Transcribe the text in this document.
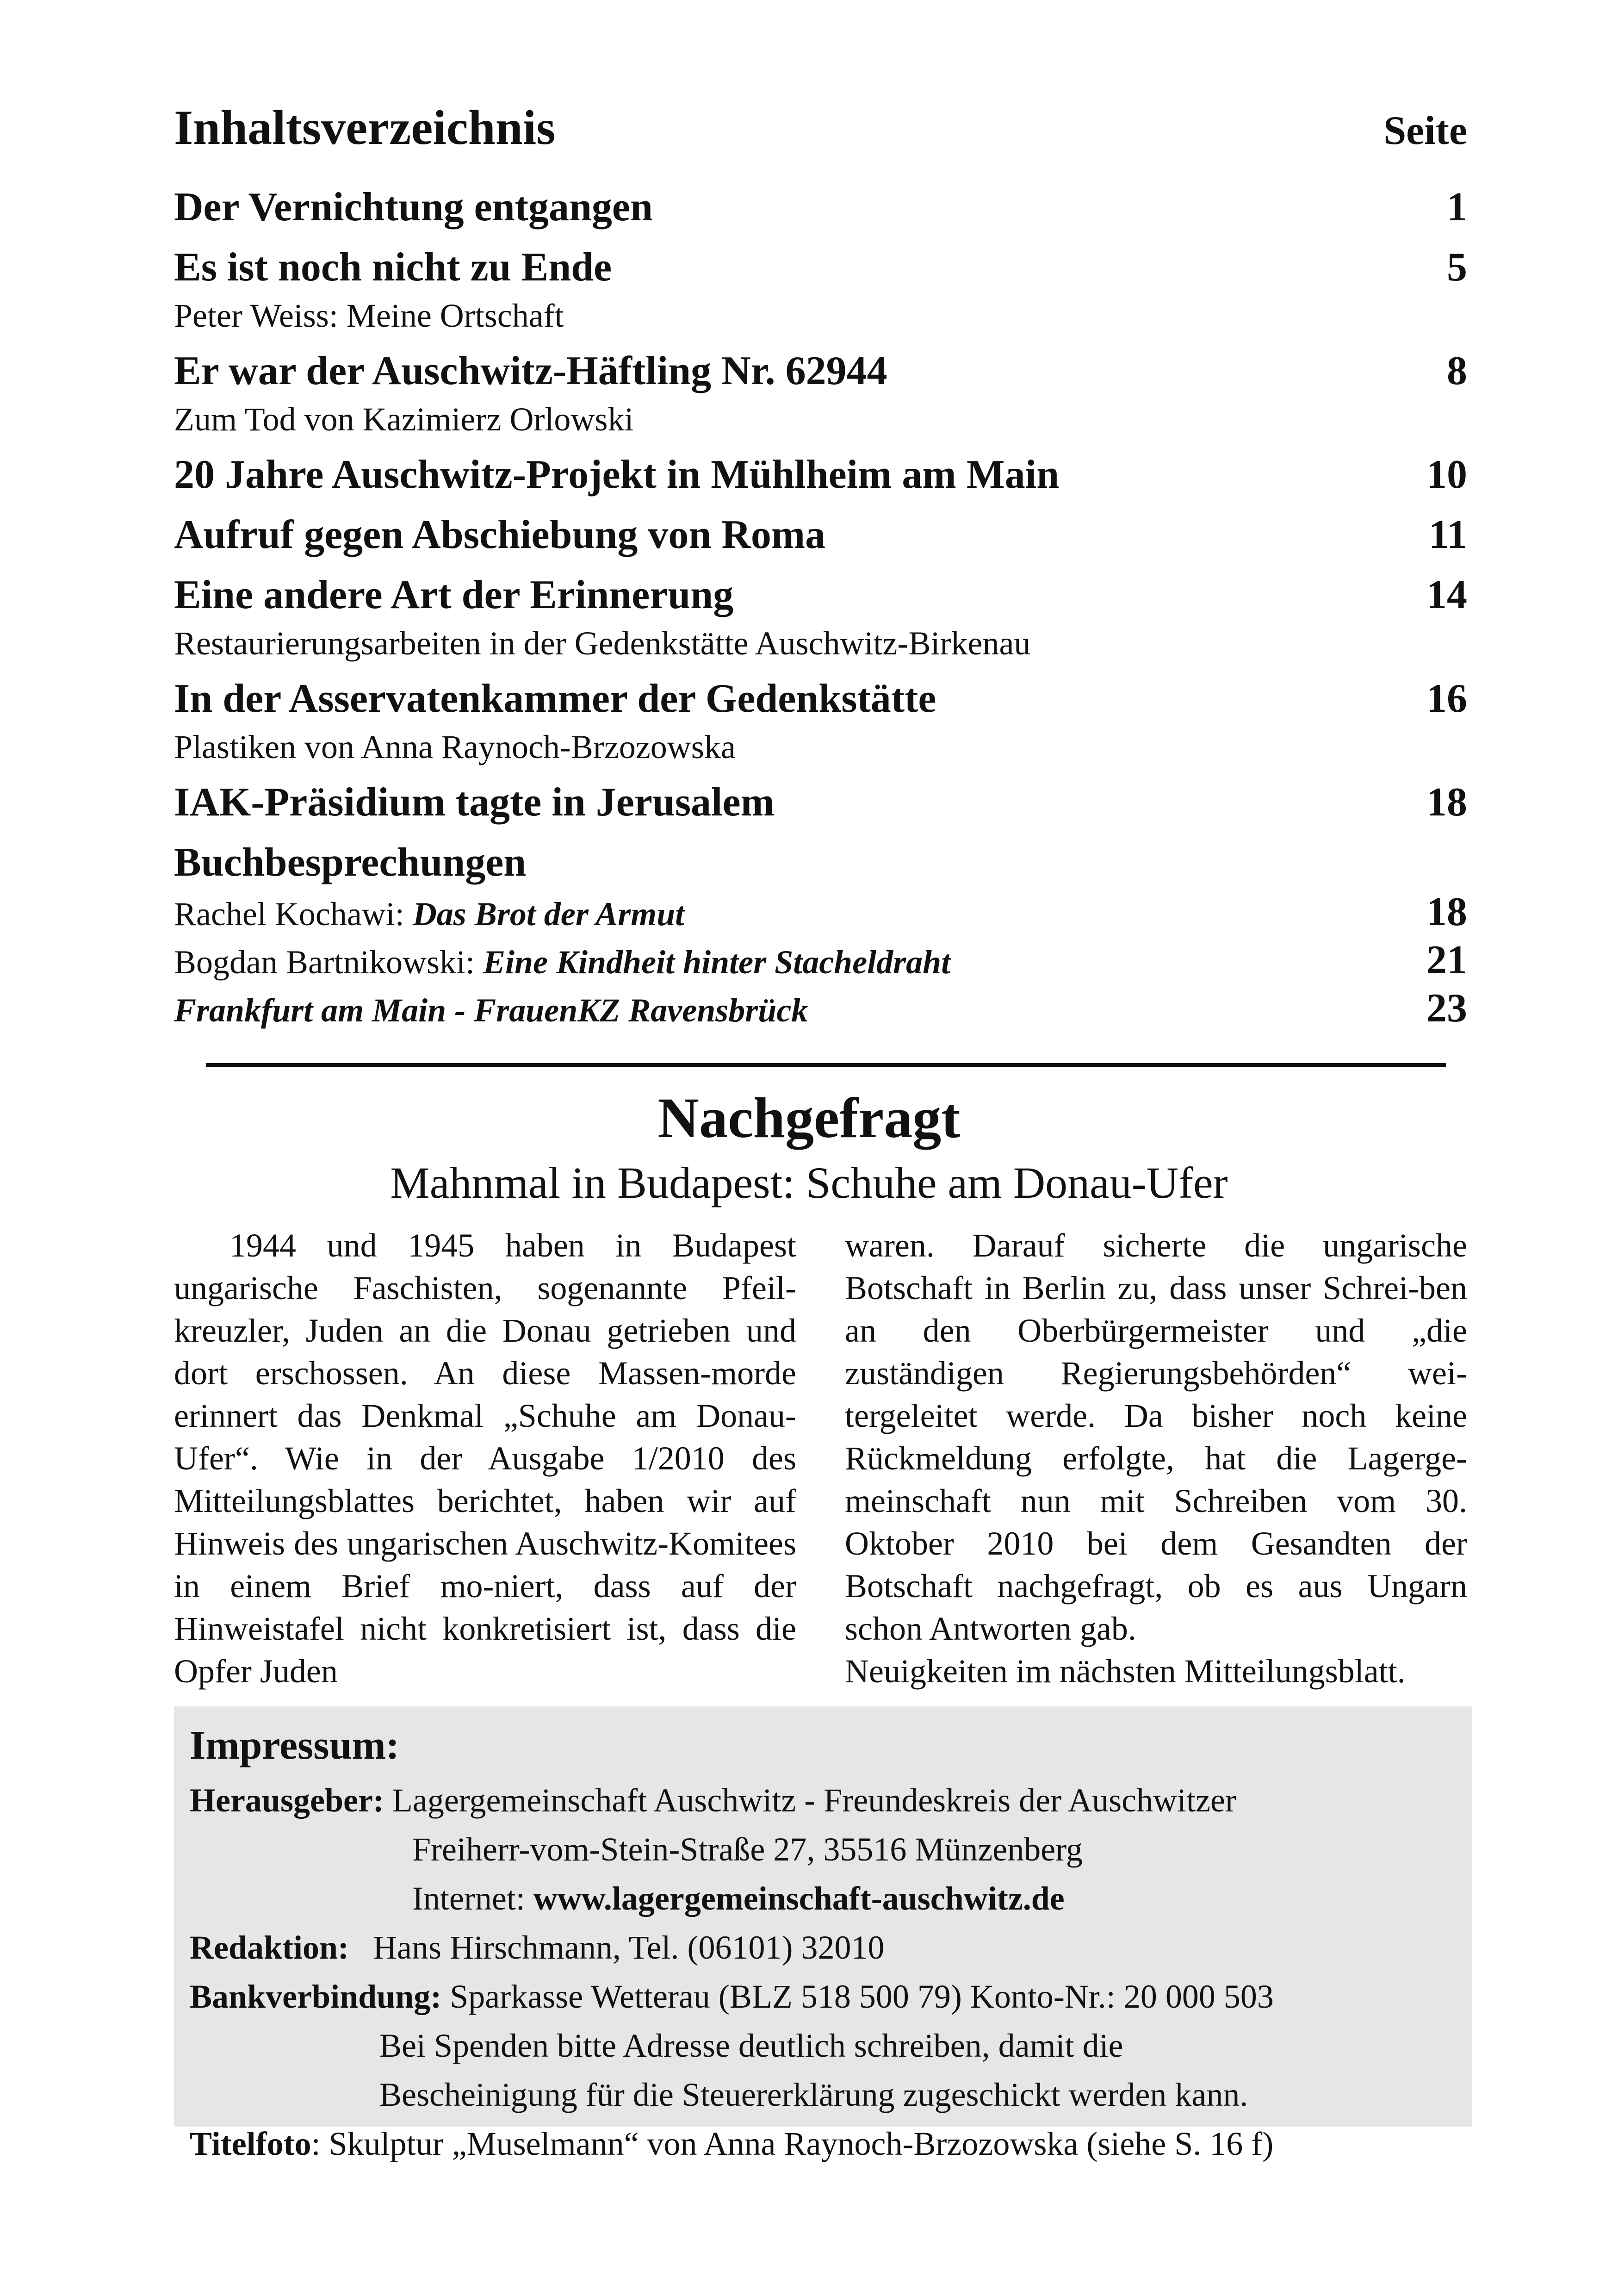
Inhaltsverzeichnis	Seite
Der Vernichtung entgangen	1
Es ist noch nicht zu Ende	5
Peter Weiss: Meine Ortschaft
Er war der Auschwitz-Häftling Nr. 62944	8
Zum Tod von Kazimierz Orlowski
20 Jahre Auschwitz-Projekt in Mühlheim am Main	10
Aufruf gegen Abschiebung von Roma	11
Eine andere Art der Erinnerung	14
Restaurierungsarbeiten in der Gedenkstätte Auschwitz-Birkenau
In der Asservatenkammer der Gedenkstätte	16
Plastiken von Anna Raynoch-Brzozowska
IAK-Präsidium tagte in Jerusalem	18
Buchbesprechungen
Rachel Kochawi: Das Brot der Armut	18
Bogdan Bartnikowski: Eine Kindheit hinter Stacheldraht	21
Frankfurt am Main - FrauenKZ Ravensbrück	23
Nachgefragt
Mahnmal in Budapest: Schuhe am Donau-Ufer

1944 und 1945 haben in Budapest ungarische Faschisten, sogenannte Pfeil-kreuzler, Juden an die Donau getrieben und dort erschossen. An diese Massen-morde erinnert das Denkmal „Schuhe am Donau-Ufer“. Wie in der Ausgabe 1/2010 des Mitteilungsblattes berichtet, haben wir auf Hinweis des ungarischen Auschwitz-Komitees in einem Brief mo-niert, dass auf der Hinweistafel nicht konkretisiert ist, dass die Opfer Juden

waren. Darauf sicherte die ungarische Botschaft in Berlin zu, dass unser Schrei-ben an den Oberbürgermeister und „die zuständigen Regierungsbehörden“ wei-tergeleitet werde. Da bisher noch keine Rückmeldung erfolgte, hat die Lagerge-meinschaft nun mit Schreiben vom 30. Oktober 2010 bei dem Gesandten der Botschaft nachgefragt, ob es aus Ungarn schon Antworten gab.

Neuigkeiten im nächsten Mitteilungsblatt.

Impressum:
Herausgeber: Lagergemeinschaft Auschwitz - Freundeskreis der Auschwitzer
Freiherr-vom-Stein-Straße 27, 35516 Münzenberg
Internet: www.lagergemeinschaft-auschwitz.de
Redaktion: Hans Hirschmann, Tel. (06101) 32010
Bankverbindung: Sparkasse Wetterau (BLZ 518 500 79) Konto-Nr.: 20 000 503
Bei Spenden bitte Adresse deutlich schreiben, damit die
Bescheinigung für die Steuererklärung zugeschickt werden kann.
Titelfoto : Skulptur „Muselmann“ von Anna Raynoch-Brzozowska (siehe S. 16 f)
